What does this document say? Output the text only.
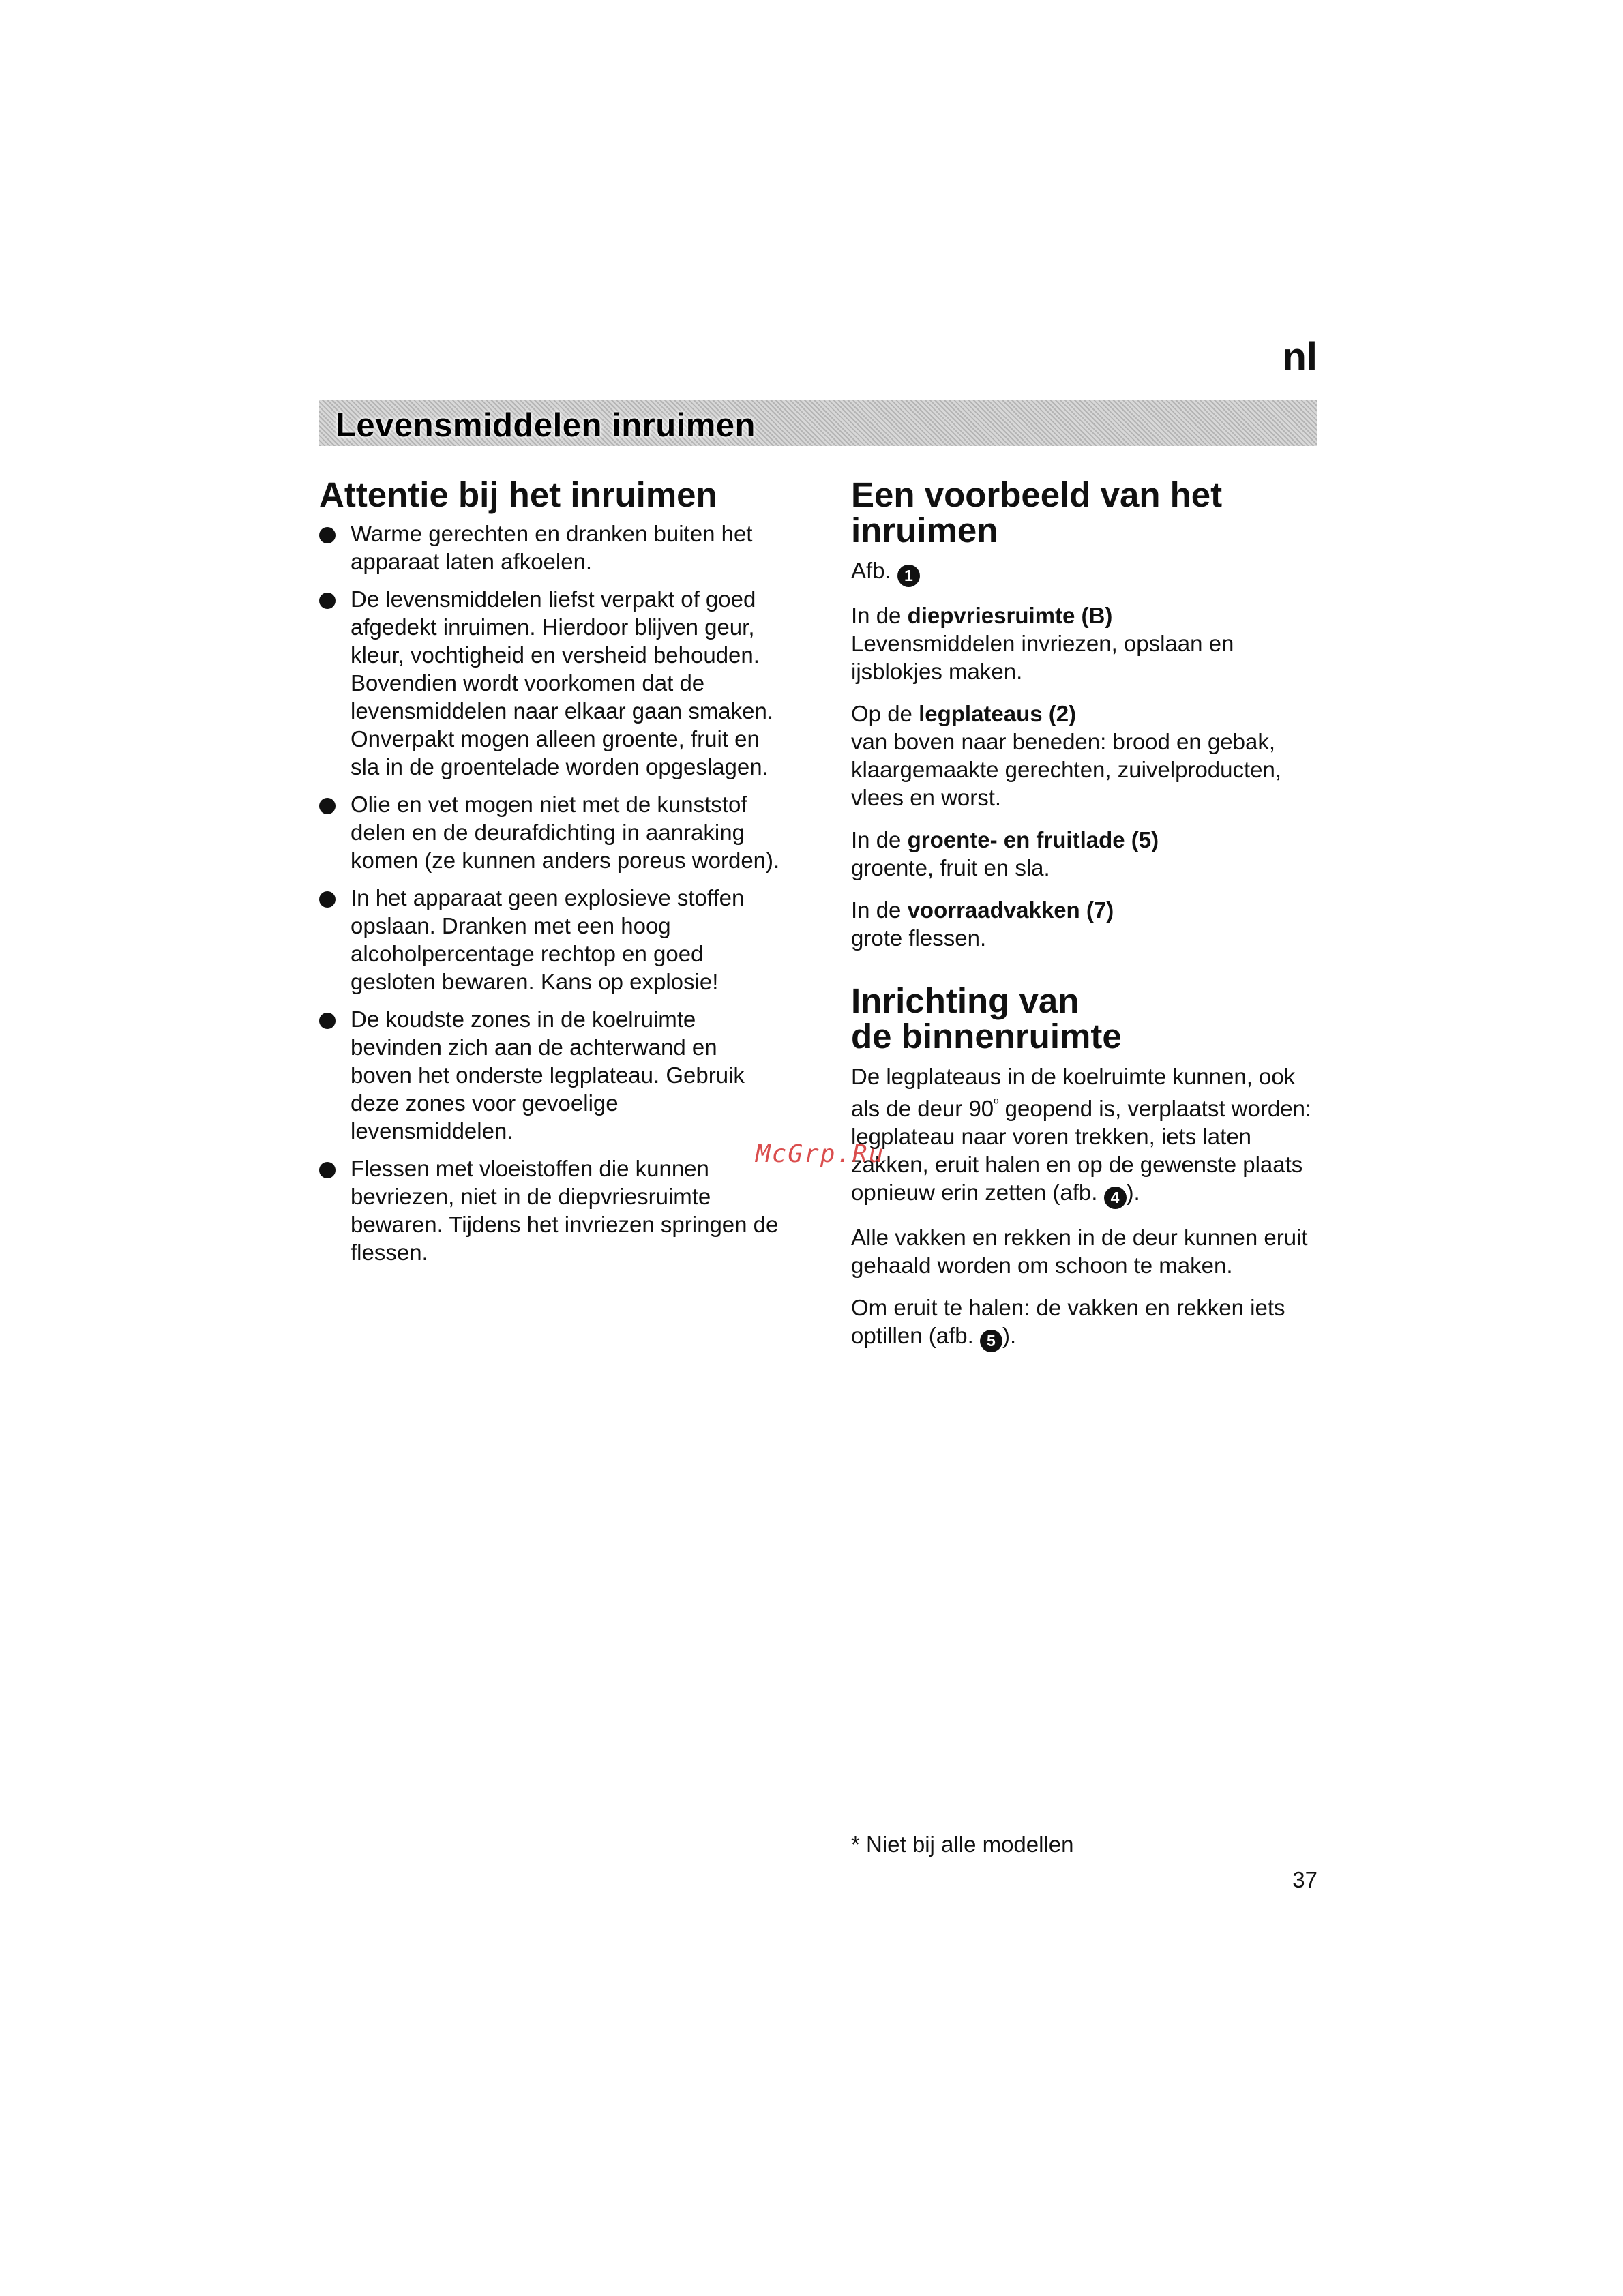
nl
Levensmiddelen inruimen
Attentie bij het inruimen
Warme gerechten en dranken buiten het apparaat laten afkoelen.
De levensmiddelen liefst verpakt of goed afgedekt inruimen. Hierdoor blijven geur, kleur, vochtigheid en versheid behouden. Bovendien wordt voorkomen dat de levensmiddelen naar elkaar gaan smaken. Onverpakt mogen alleen groente, fruit en sla in de groentelade worden opgeslagen.
Olie en vet mogen niet met de kunststof delen en de deurafdichting in aanraking komen (ze kunnen anders poreus worden).
In het apparaat geen explosieve stoffen opslaan. Dranken met een hoog alcoholpercentage rechtop en goed gesloten bewaren. Kans op explosie!
De koudste zones in de koelruimte bevinden zich aan de achterwand en boven het onderste legplateau. Gebruik deze zones voor gevoelige levensmiddelen.
Flessen met vloeistoffen die kunnen bevriezen, niet in de diepvriesruimte bewaren. Tijdens het invriezen springen de flessen.
Een voorbeeld van het inruimen

Afb. 1

In de diepvriesruimte (B)
Levensmiddelen invriezen, opslaan en ijsblokjes maken.

Op de legplateaus (2)
van boven naar beneden: brood en gebak, klaargemaakte gerechten, zuivelproducten, vlees en worst.

In de groente- en fruitlade (5)
groente, fruit en sla.

In de voorraadvakken (7)
grote flessen.

Inrichting van
de binnenruimte

De legplateaus in de koelruimte kunnen, ook als de deur $90^º$ geopend is, verplaatst worden: legplateau naar voren trekken, iets laten zakken, eruit halen en op de gewenste plaats opnieuw erin zetten (afb. 4 ).

Alle vakken en rekken in de deur kunnen eruit gehaald worden om schoon te maken.

Om eruit te halen: de vakken en rekken iets optillen (afb. 5 ).

McGrp.Ru
* Niet bij alle modellen
37
